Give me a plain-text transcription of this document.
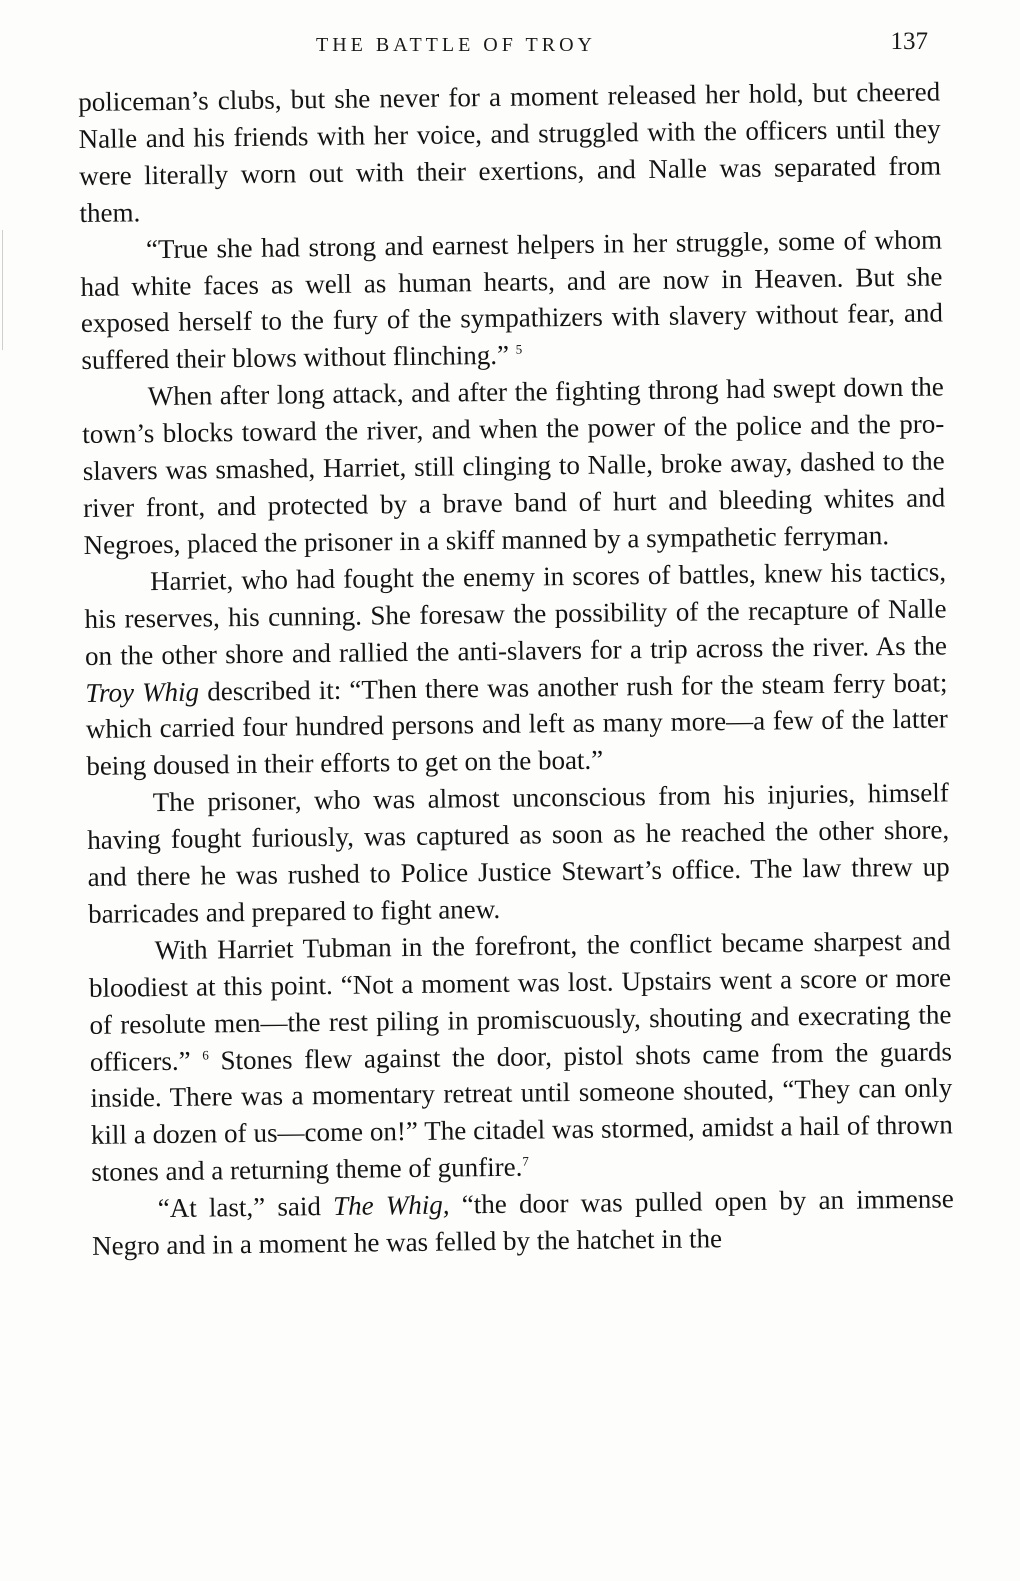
THE BATTLE OF TROY	137

policeman’s clubs, but she never for a moment released her hold, but cheered Nalle and his friends with her voice, and struggled with the officers until they were literally worn out with their exertions, and Nalle was separated from them.

“True she had strong and earnest helpers in her struggle, some of whom had white faces as well as human hearts, and are now in Heaven. But she exposed herself to the fury of the sympathizers with slavery without fear, and suffered their blows without flinching.” $^5$

When after long attack, and after the fighting throng had swept down the town’s blocks toward the river, and when the power of the police and the pro-slavers was smashed, Harriet, still clinging to Nalle, broke away, dashed to the river front, and protected by a brave band of hurt and bleeding whites and Negroes, placed the prisoner in a skiff manned by a sympathetic ferryman.

Harriet, who had fought the enemy in scores of battles, knew his tactics, his reserves, his cunning. She foresaw the possibility of the recapture of Nalle on the other shore and rallied the anti-slavers for a trip across the river. As the Troy Whig described it: “Then there was another rush for the steam ferry boat; which carried four hundred persons and left as many more—a few of the latter being doused in their efforts to get on the boat.”

The prisoner, who was almost unconscious from his injuries, himself having fought furiously, was captured as soon as he reached the other shore, and there he was rushed to Police Justice Stewart’s office. The law threw up barricades and prepared to fight anew.

With Harriet Tubman in the forefront, the conflict became sharpest and bloodiest at this point. “Not a moment was lost. Upstairs went a score or more of resolute men—the rest piling in promiscuously, shouting and execrating the officers.” $^6$ Stones flew against the door, pistol shots came from the guards inside. There was a momentary retreat until someone shouted, “They can only kill a dozen of us—come on!” The citadel was stormed, amidst a hail of thrown stones and a returning theme of gunfire.$^7$

“At last,” said The Whig, “the door was pulled open by an immense Negro and in a moment he was felled by the hatchet in the
